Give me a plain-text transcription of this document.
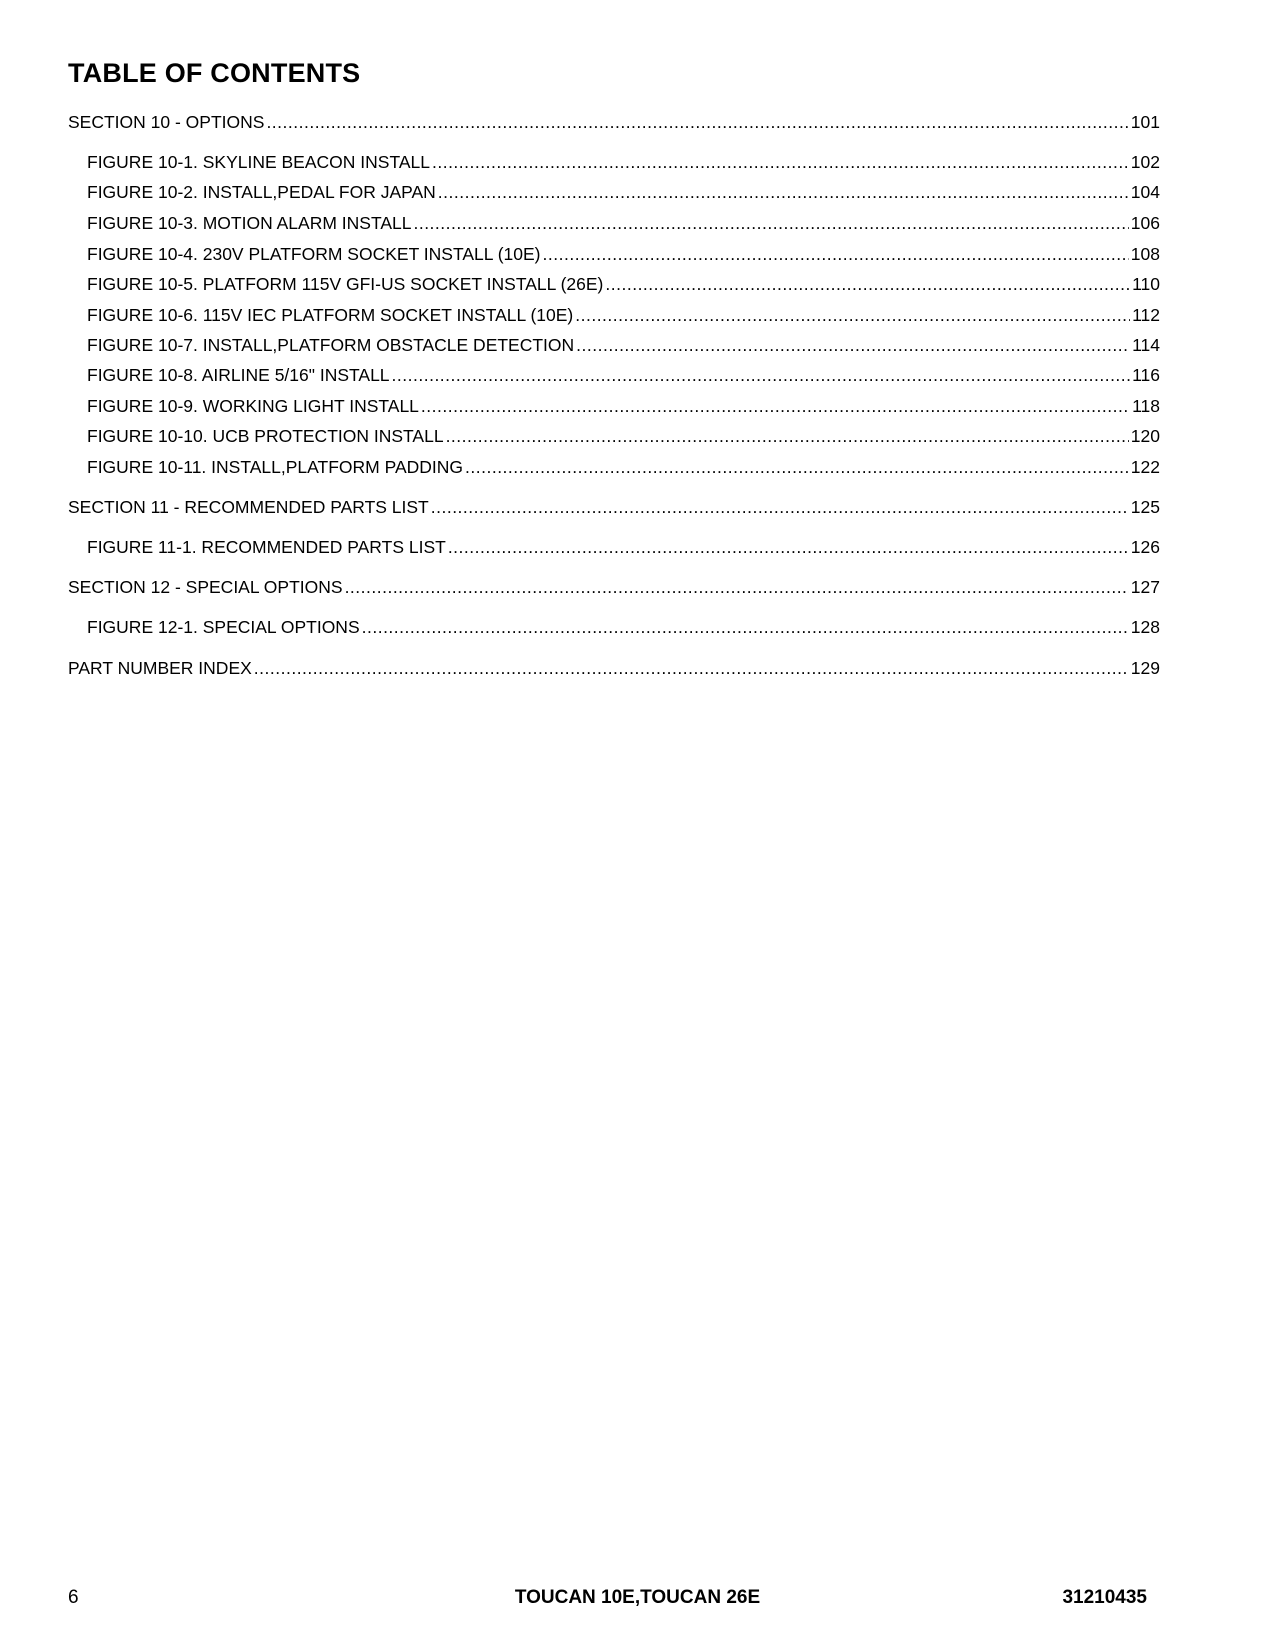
TABLE OF CONTENTS
SECTION 10 - OPTIONS .....	101
FIGURE 10-1. SKYLINE BEACON INSTALL .....	102
FIGURE 10-2. INSTALL,PEDAL FOR JAPAN .....	104
FIGURE 10-3. MOTION ALARM INSTALL .....	106
FIGURE 10-4. 230V PLATFORM SOCKET INSTALL (10E) .....	108
FIGURE 10-5. PLATFORM 115V GFI-US SOCKET INSTALL (26E) .....	110
FIGURE 10-6. 115V IEC PLATFORM SOCKET INSTALL (10E) .....	112
FIGURE 10-7. INSTALL,PLATFORM OBSTACLE DETECTION .....	114
FIGURE 10-8. AIRLINE 5/16" INSTALL .....	116
FIGURE 10-9. WORKING LIGHT INSTALL .....	118
FIGURE 10-10. UCB PROTECTION INSTALL .....	120
FIGURE 10-11. INSTALL,PLATFORM PADDING .....	122
SECTION 11 - RECOMMENDED PARTS LIST .....	125
FIGURE 11-1. RECOMMENDED PARTS LIST .....	126
SECTION 12 - SPECIAL OPTIONS .....	127
FIGURE 12-1. SPECIAL OPTIONS .....	128
PART NUMBER INDEX .....	129
6	TOUCAN 10E,TOUCAN 26E	31210435
